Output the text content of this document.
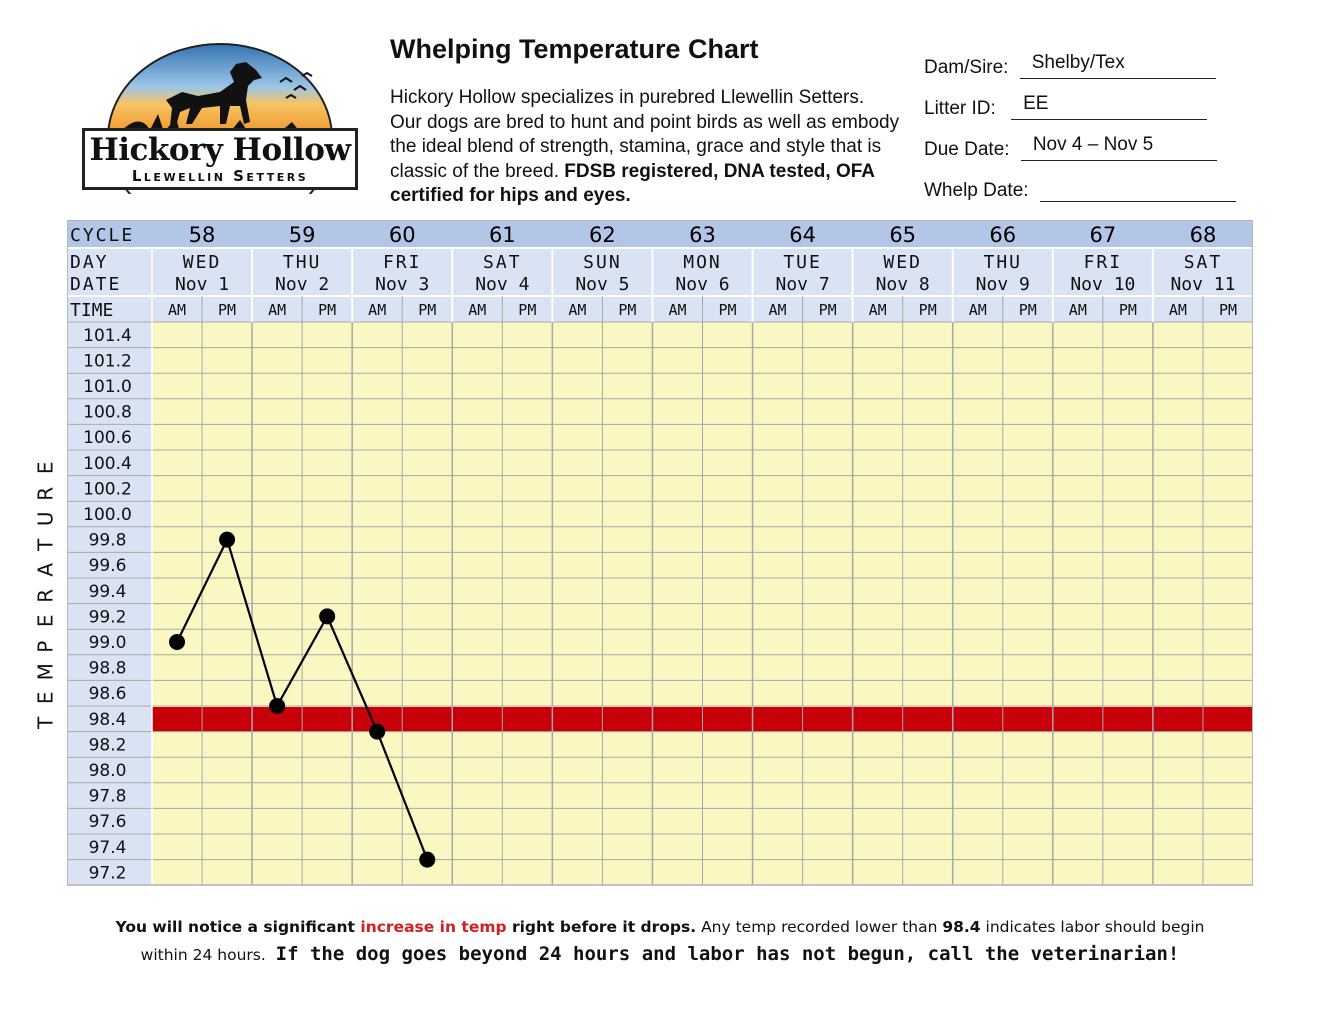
Hickory Hollow
Llewellin Setters
Whelping Temperature Chart
Hickory Hollow specializes in purebred Llewellin Setters. Our dogs are bred to hunt and point birds as well as embody the ideal blend of strength, stamina, grace and style that is classic of the breed. FDSB registered, DNA tested, OFA certified for hips and eyes.
Dam/Sire: Shelby/Tex
Litter ID: EE
Due Date: Nov 4 – Nov 5
Whelp Date:
E
R
U
T
A
R
E
P
M
E
T
CYCLE
DAY
DATE
TIME
58
WED
Nov 1
AM PM
59
THU
Nov 2
AM PM
60
FRI
Nov 3
AM PM
61
SAT
Nov 4
AM PM
62
SUN
Nov 5
AM PM
63
MON
Nov 6
AM PM
64
TUE
Nov 7
AM PM
65
WED
Nov 8
AM PM
66
THU
Nov 9
AM PM
67
FRI
Nov 10
AM PM
68
SAT
Nov 11
AM PM
101.4
101.2
101.0
100.8
100.6
100.4
100.2
100.0
99.8
99.6
99.4
99.2
99.0
98.8
98.6
98.4
98.2
98.0
97.8
97.6
97.4
97.2
You will notice a significant increase in temp right before it drops. Any temp recorded lower than 98.4 indicates labor should begin
within 24 hours. If the dog goes beyond 24 hours and labor has not begun, call the veterinarian!
